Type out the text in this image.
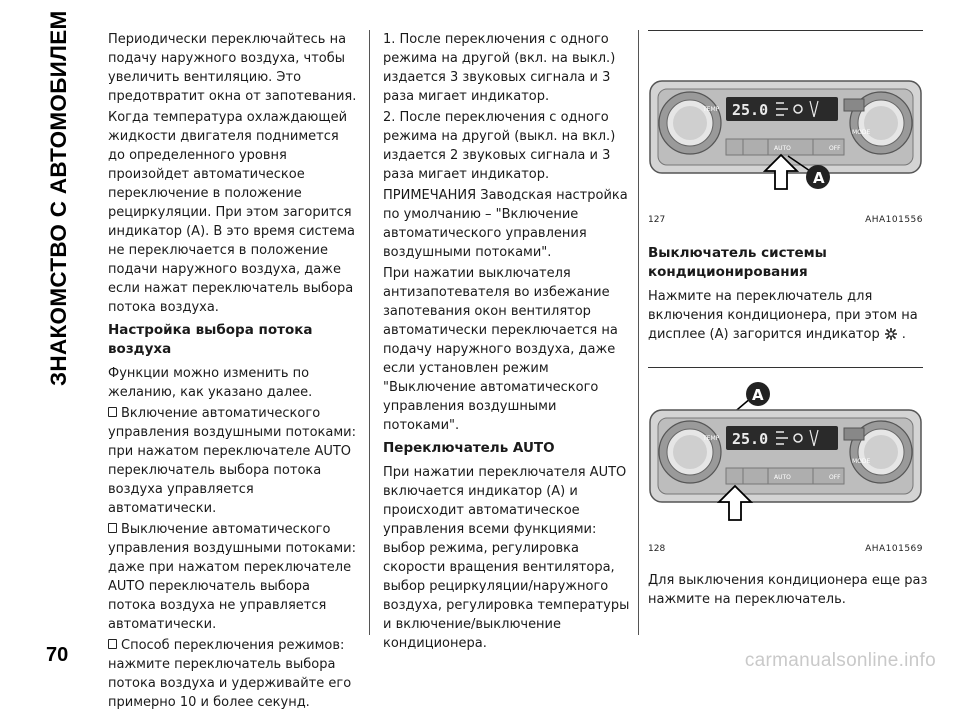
ЗНАКОМСТВО С АВТОМОБИЛЕМ	Периодически переключайтесь на подачу наружного воздуха, чтобы увеличить вентиляцию. Это предотвратит окна от запотевания.

Когда температура охлаждающей жидкости двигателя поднимется до определенного уровня произойдет автоматическое переключение в положение рециркуляции. При этом загорится индикатор (A). В это время система не переключается в положение подачи наружного воздуха, даже если нажат переключатель выбора потока воздуха.

Настройка выбора потока воздуха

Функции можно изменить по желанию, как указано далее.

Включение автоматического управления воздушными потоками: при нажатом переключателе AUTO переключатель выбора потока воздуха управляется автоматически.

Выключение автоматического управления воздушными потоками: даже при нажатом переключателе AUTO переключатель выбора потока воздуха не управляется автоматически.

Способ переключения режимов: нажмите переключатель выбора потока воздуха и удерживайте его примерно 10 и более секунд.

1. После переключения с одного режима на другой (вкл. на выкл.) издается 3 звуковых сигнала и 3 раза мигает индикатор.

2. После переключения с одного режима на другой (выкл. на вкл.) издается 2 звуковых сигнала и 3 раза мигает индикатор.

ПРИМЕЧАНИЯ Заводская настройка по умолчанию – "Включение автоматического управления воздушными потоками".

При нажатии выключателя антизапотевателя во избежание запотевания окон вентилятор автоматически переключается на подачу наружного воздуха, даже если установлен режим "Выключение автоматического управления воздушными потоками".

Переключатель AUTO

При нажатии переключателя AUTO включается индикатор (A) и происходит автоматическое управления всеми функциями: выбор режима, регулировка скорости вращения вентилятора, выбор рециркуляции/наружного воздуха, регулировка температуры и включение/выключение кондиционера.

25.0
TEMP
MODE
AUTO	OFF
A
127	AHA101556
Выключатель системы кондиционирования

Нажмите на переключатель для включения кондиционера, при этом на дисплее (A) загорится индикатор .

A
25.0
TEMP
MODE
AUTO	OFF
128	AHA101569

Для выключения кондиционера еще раз нажмите на переключатель.

70	carmanualsonline.info
